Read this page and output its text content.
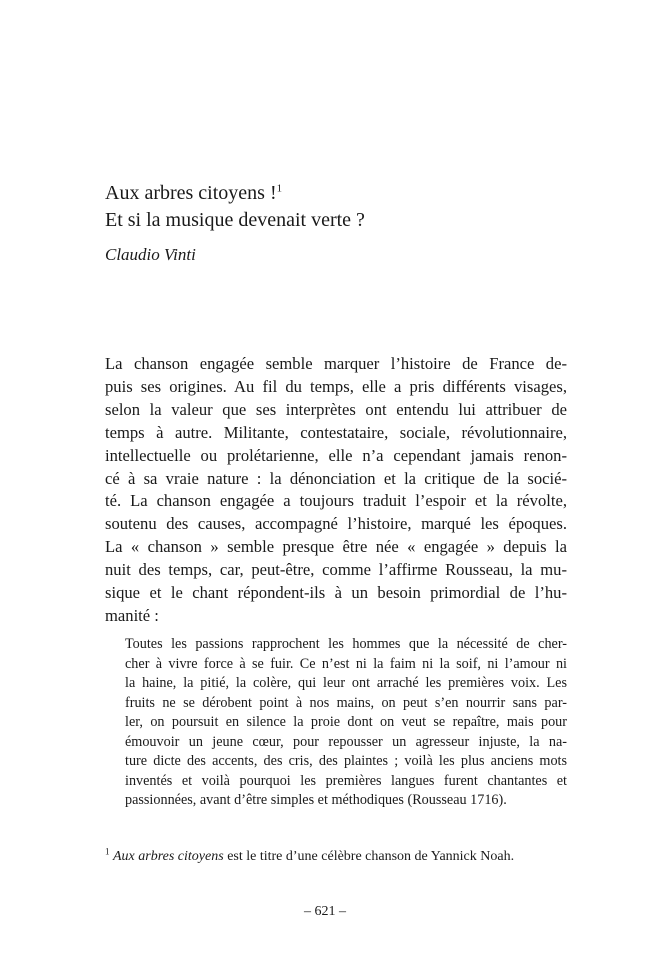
Aux arbres citoyens !$^1$
Et si la musique devenait verte ?
Claudio Vinti
La chanson engagée semble marquer l’histoire de France de-
puis ses origines. Au fil du temps, elle a pris différents visages,
selon la valeur que ses interprètes ont entendu lui attribuer de
temps à autre. Militante, contestataire, sociale, révolutionnaire,
intellectuelle ou prolétarienne, elle n’a cependant jamais renon-
cé à sa vraie nature : la dénonciation et la critique de la socié-
té. La chanson engagée a toujours traduit l’espoir et la révolte,
soutenu des causes, accompagné l’histoire, marqué les époques.
La « chanson » semble presque être née « engagée » depuis la
nuit des temps, car, peut-être, comme l’affirme Rousseau, la mu-
sique et le chant répondent-ils à un besoin primordial de l’hu-
manité :
Toutes les passions rapprochent les hommes que la nécessité de cher-
cher à vivre force à se fuir. Ce n’est ni la faim ni la soif, ni l’amour ni
la haine, la pitié, la colère, qui leur ont arraché les premières voix. Les
fruits ne se dérobent point à nos mains, on peut s’en nourrir sans par-
ler, on poursuit en silence la proie dont on veut se repaître, mais pour
émouvoir un jeune cœur, pour repousser un agresseur injuste, la na-
ture dicte des accents, des cris, des plaintes ; voilà les plus anciens mots
inventés et voilà pourquoi les premières langues furent chantantes et
passionnées, avant d’être simples et méthodiques (Rousseau 1716).
$^1$ Aux arbres citoyens est le titre d’une célèbre chanson de Yannick Noah.
– 621 –
